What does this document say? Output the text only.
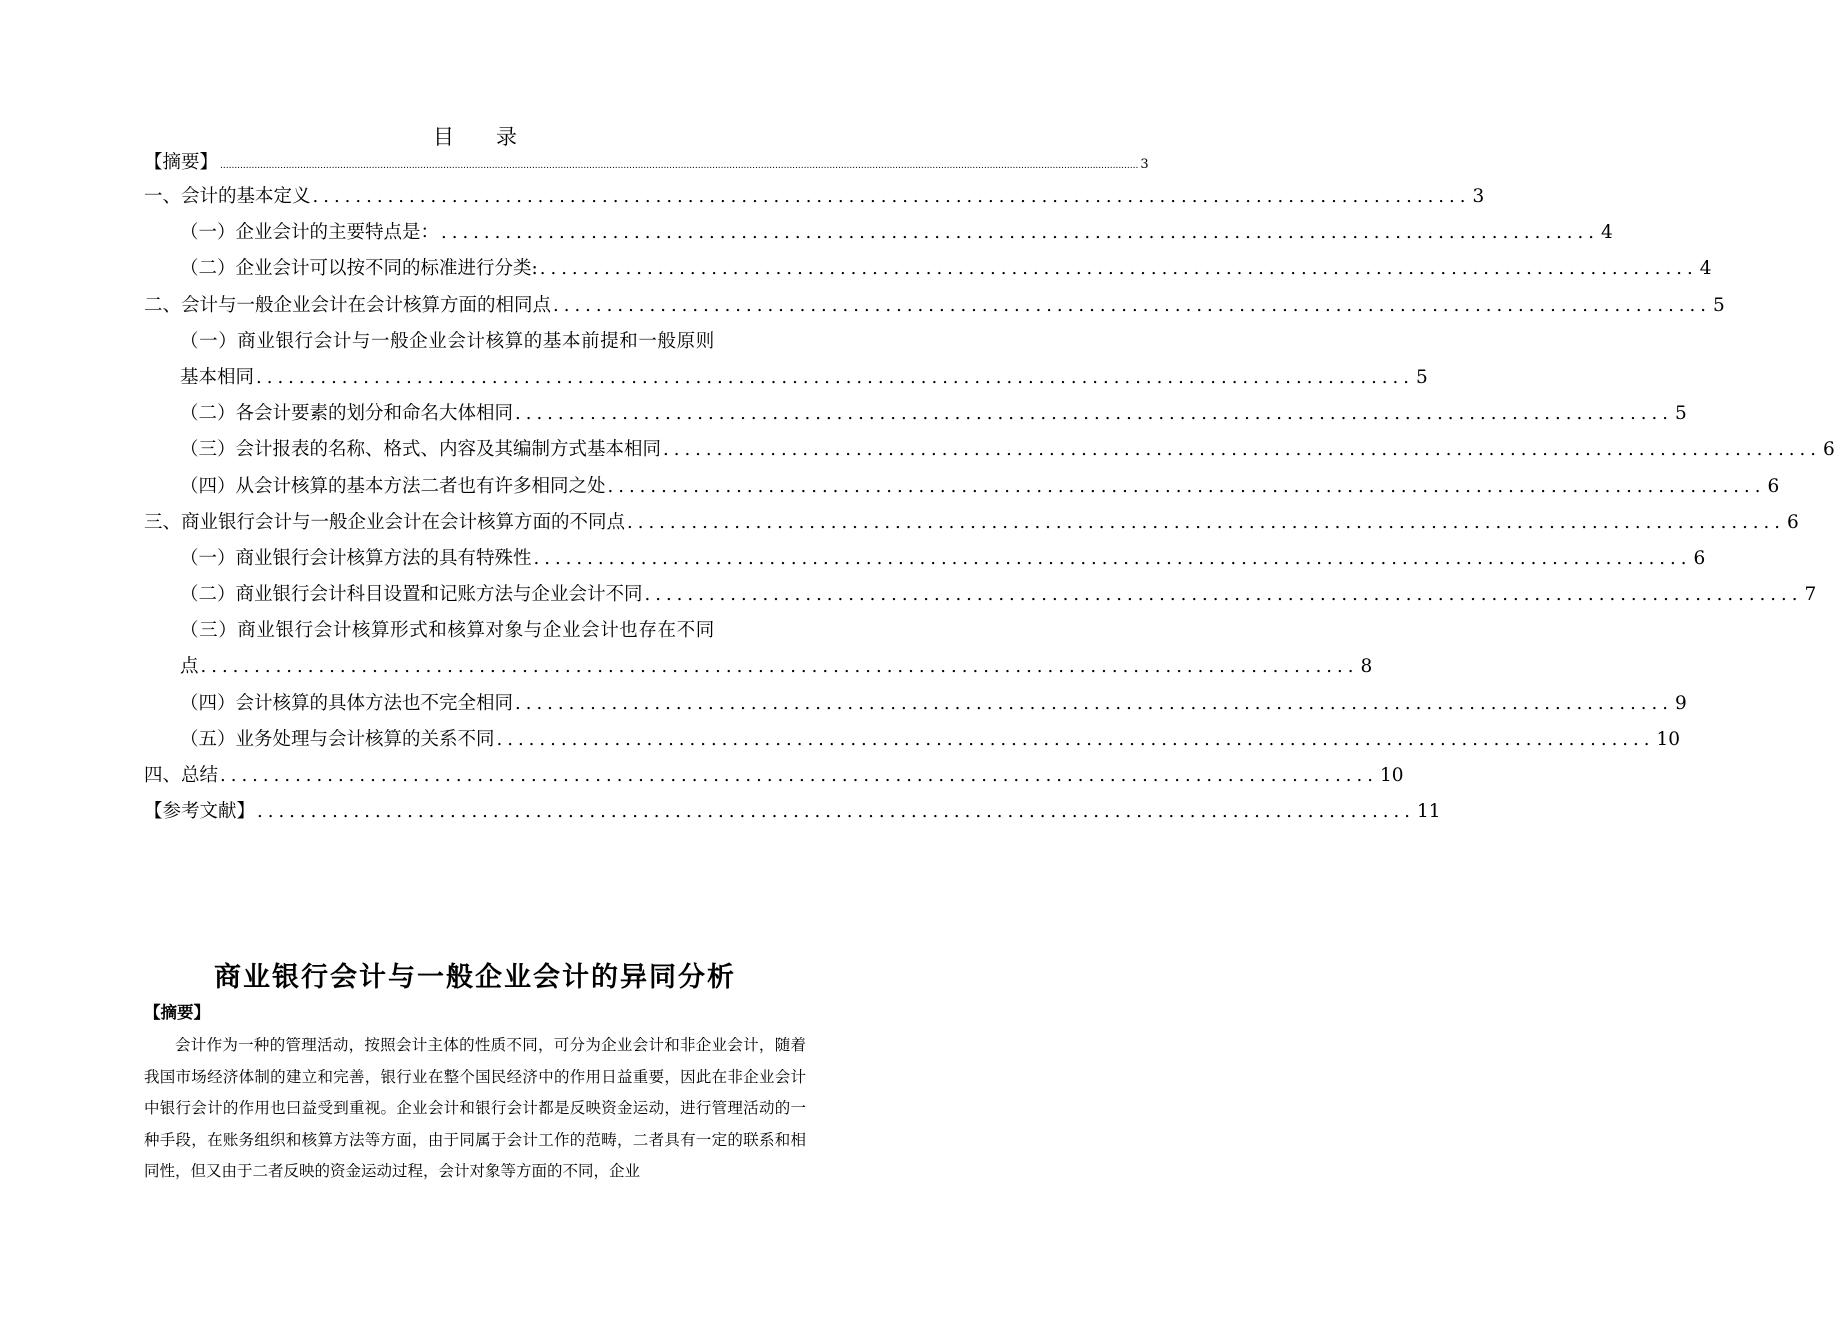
目 录
【摘要】 ................................................................................................................................................................................................................................................................................................................................. 3
一、会计的基本定义 ............................................................................................................ 3
（一）企业会计的主要特点是： ............................................................................................................ 4
（二）企业会计可以按不同的标准进行分类: ............................................................................................................ 4
二、会计与一般企业会计在会计核算方面的相同点 ............................................................................................................ 5
（一）商业银行会计与一般企业会计核算的基本前提和一般原则
基本相同 ............................................................................................................ 5
（二）各会计要素的划分和命名大体相同 ............................................................................................................ 5
（三）会计报表的名称、格式、内容及其编制方式基本相同 ............................................................................................................ 6
（四）从会计核算的基本方法二者也有许多相同之处 ............................................................................................................ 6
三、商业银行会计与一般企业会计在会计核算方面的不同点 ............................................................................................................ 6
（一）商业银行会计核算方法的具有特殊性 ............................................................................................................ 6
（二）商业银行会计科目设置和记账方法与企业会计不同 ............................................................................................................ 7
（三）商业银行会计核算形式和核算对象与企业会计也存在不同
点 ............................................................................................................ 8
（四）会计核算的具体方法也不完全相同 ............................................................................................................ 9
（五）业务处理与会计核算的关系不同 ............................................................................................................ 10
四、总结 ............................................................................................................ 10
【参考文献】 ............................................................................................................ 11
商业银行会计与一般企业会计的异同分析
【摘要】

会计作为一种的管理活动，按照会计主体的性质不同，可分为企业会计和非企业会计，随着我国市场经济体制的建立和完善，银行业在整个国民经济中的作用日益重要，因此在非企业会计中银行会计的作用也曰益受到重视。企业会计和银行会计都是反映资金运动，进行管理活动的一种手段，在账务组织和核算方法等方面，由于同属于会计工作的范畴，二者具有一定的联系和相同性，但又由于二者反映的资金运动过程，会计对象等方面的不同，企业
